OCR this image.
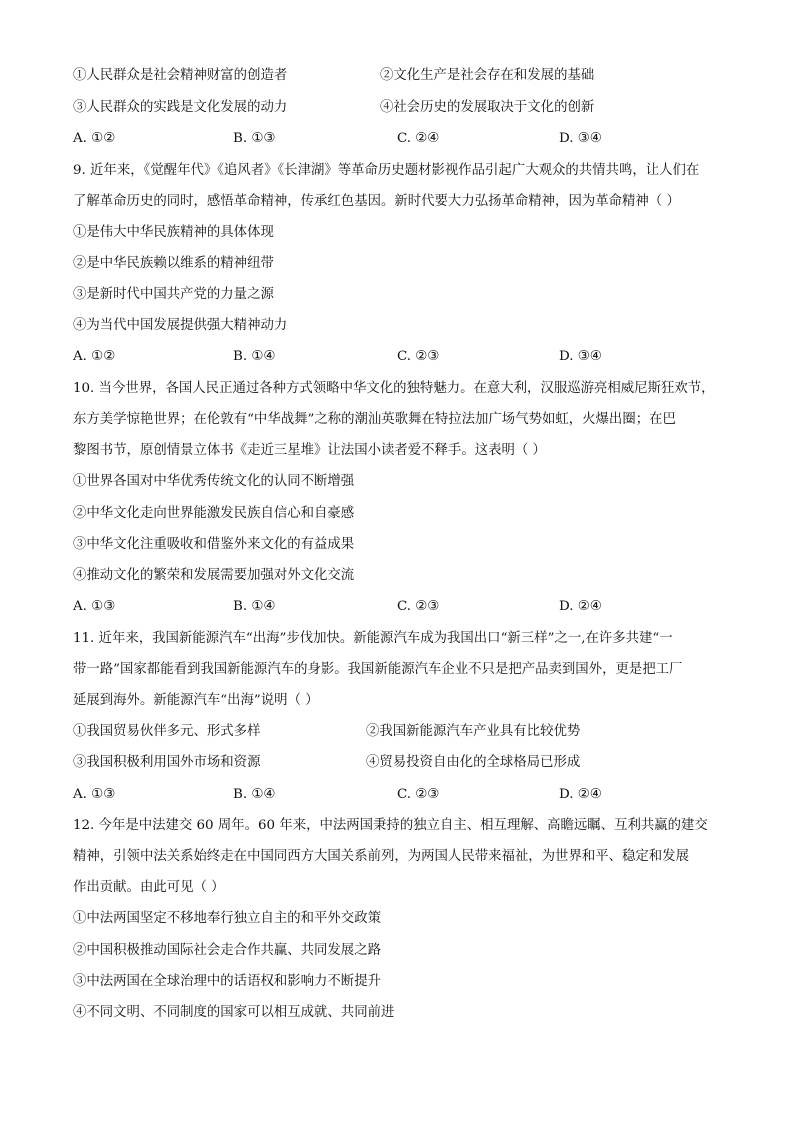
①人民群众是社会精神财富的创造者	②文化生产是社会存在和发展的基础
③人民群众的实践是文化发展的动力	④社会历史的发展取决于文化的创新
A. ①②	B. ①③	C. ②④	D. ③④
9. 近年来，《觉醒年代》《追风者》《长津湖》等革命历史题材影视作品引起广大观众的共情共鸣，让人们在
了解革命历史的同时，感悟革命精神，传承红色基因。新时代要大力弘扬革命精神，因为革命精神（ ）
①是伟大中华民族精神的具体体现
②是中华民族赖以维系的精神纽带
③是新时代中国共产党的力量之源
④为当代中国发展提供强大精神动力
A. ①②	B. ①④	C. ②③	D. ③④
10. 当今世界，各国人民正通过各种方式领略中华文化的独特魅力。在意大利，汉服巡游亮相威尼斯狂欢节，
东方美学惊艳世界；在伦敦有“中华战舞”之称的潮汕英歌舞在特拉法加广场气势如虹，火爆出圈；在巴
黎图书节，原创情景立体书《走近三星堆》让法国小读者爱不释手。这表明（ ）
①世界各国对中华优秀传统文化的认同不断增强
②中华文化走向世界能激发民族自信心和自豪感
③中华文化注重吸收和借鉴外来文化的有益成果
④推动文化的繁荣和发展需要加强对外文化交流
A. ①③	B. ①④	C. ②③	D. ②④
11. 近年来，我国新能源汽车“出海”步伐加快。新能源汽车成为我国出口“新三样”之一,在许多共建“一
带一路”国家都能看到我国新能源汽车的身影。我国新能源汽车企业不只是把产品卖到国外，更是把工厂
延展到海外。新能源汽车“出海”说明（ ）
①我国贸易伙伴多元、形式多样	②我国新能源汽车产业具有比较优势
③我国积极利用国外市场和资源	④贸易投资自由化的全球格局已形成
A. ①③	B. ①④	C. ②③	D. ②④
12. 今年是中法建交 60 周年。60 年来，中法两国秉持的独立自主、相互理解、高瞻远瞩、互利共赢的建交
精神，引领中法关系始终走在中国同西方大国关系前列，为两国人民带来福祉，为世界和平、稳定和发展
作出贡献。由此可见（ ）
①中法两国坚定不移地奉行独立自主的和平外交政策
②中国积极推动国际社会走合作共赢、共同发展之路
③中法两国在全球治理中的话语权和影响力不断提升
④不同文明、不同制度的国家可以相互成就、共同前进
